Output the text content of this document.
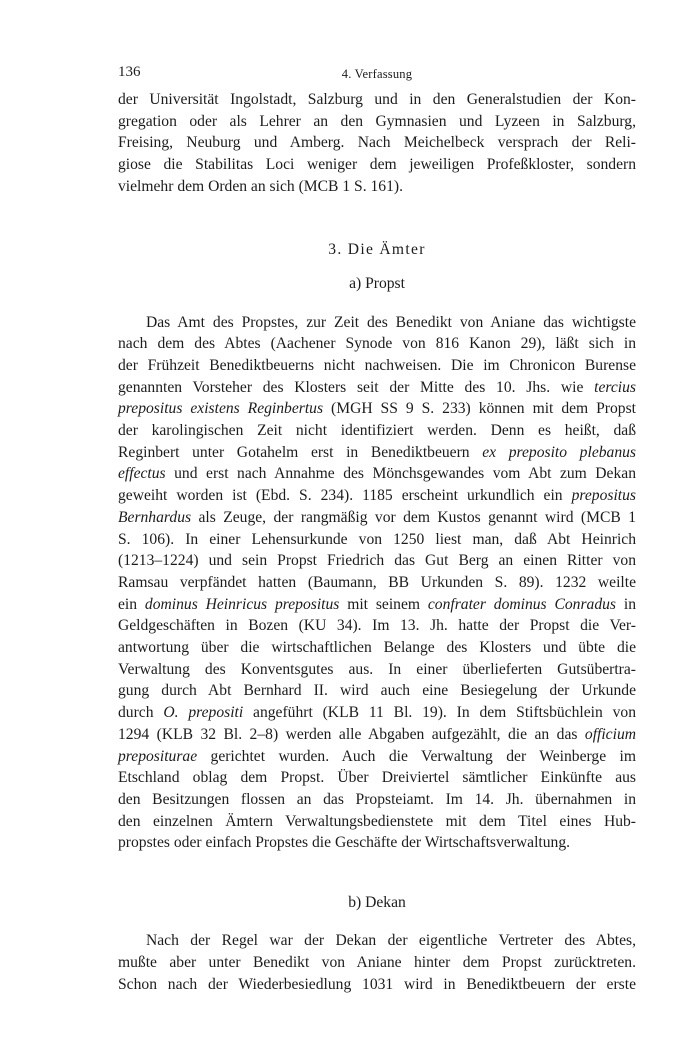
136	4. Verfassung

der Universität Ingolstadt, Salzburg und in den Generalstudien der Kon-
gregation oder als Lehrer an den Gymnasien und Lyzeen in Salzburg,
Freising, Neuburg und Amberg. Nach Meichelbeck versprach der Reli-
giose die Stabilitas Loci weniger dem jeweiligen Profeßkloster, sondern
vielmehr dem Orden an sich (MCB 1 S. 161).

3. Die Ämter

a) Propst

Das Amt des Propstes, zur Zeit des Benedikt von Aniane das wichtigste
nach dem des Abtes (Aachener Synode von 816 Kanon 29), läßt sich in
der Frühzeit Benediktbeuerns nicht nachweisen. Die im Chronicon Burense
genannten Vorsteher des Klosters seit der Mitte des 10. Jhs. wie tercius
prepositus existens Reginbertus (MGH SS 9 S. 233) können mit dem Propst
der karolingischen Zeit nicht identifiziert werden. Denn es heißt, daß
Reginbert unter Gotahelm erst in Benediktbeuern ex preposito plebanus
effectus und erst nach Annahme des Mönchsgewandes vom Abt zum Dekan
geweiht worden ist (Ebd. S. 234). 1185 erscheint urkundlich ein prepositus
Bernhardus als Zeuge, der rangmäßig vor dem Kustos genannt wird (MCB 1
S. 106). In einer Lehensurkunde von 1250 liest man, daß Abt Heinrich
(1213–1224) und sein Propst Friedrich das Gut Berg an einen Ritter von
Ramsau verpfändet hatten (Baumann, BB Urkunden S. 89). 1232 weilte
ein dominus Heinricus prepositus mit seinem confrater dominus Conradus in
Geldgeschäften in Bozen (KU 34). Im 13. Jh. hatte der Propst die Ver-
antwortung über die wirtschaftlichen Belange des Klosters und übte die
Verwaltung des Konventsgutes aus. In einer überlieferten Gutsübertra-
gung durch Abt Bernhard II. wird auch eine Besiegelung der Urkunde
durch O. prepositi angeführt (KLB 11 Bl. 19). In dem Stiftsbüchlein von
1294 (KLB 32 Bl. 2–8) werden alle Abgaben aufgezählt, die an das officium
prepositurae gerichtet wurden. Auch die Verwaltung der Weinberge im
Etschland oblag dem Propst. Über Dreiviertel sämtlicher Einkünfte aus
den Besitzungen flossen an das Propsteiamt. Im 14. Jh. übernahmen in
den einzelnen Ämtern Verwaltungsbedienstete mit dem Titel eines Hub-
propstes oder einfach Propstes die Geschäfte der Wirtschaftsverwaltung.

b) Dekan

Nach der Regel war der Dekan der eigentliche Vertreter des Abtes,
mußte aber unter Benedikt von Aniane hinter dem Propst zurücktreten.
Schon nach der Wiederbesiedlung 1031 wird in Benediktbeuern der erste
